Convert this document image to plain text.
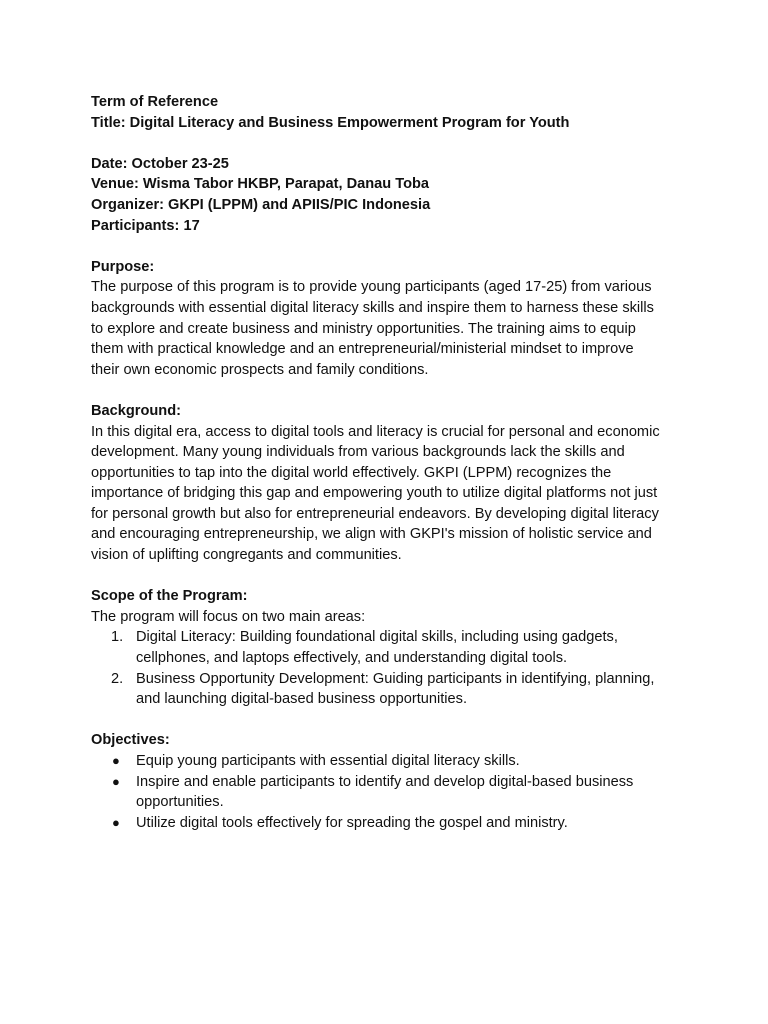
Term of Reference
Title: Digital Literacy and Business Empowerment Program for Youth
Date: October 23-25
Venue: Wisma Tabor HKBP, Parapat, Danau Toba
Organizer: GKPI (LPPM) and APIIS/PIC Indonesia
Participants: 17
Purpose:
The purpose of this program is to provide young participants (aged 17-25) from various
backgrounds with essential digital literacy skills and inspire them to harness these skills
to explore and create business and ministry opportunities. The training aims to equip
them with practical knowledge and an entrepreneurial/ministerial mindset to improve
their own economic prospects and family conditions.
Background:
In this digital era, access to digital tools and literacy is crucial for personal and economic
development. Many young individuals from various backgrounds lack the skills and
opportunities to tap into the digital world effectively. GKPI (LPPM) recognizes the
importance of bridging this gap and empowering youth to utilize digital platforms not just
for personal growth but also for entrepreneurial endeavors. By developing digital literacy
and encouraging entrepreneurship, we align with GKPI's mission of holistic service and
vision of uplifting congregants and communities.
Scope of the Program:
The program will focus on two main areas:
1. Digital Literacy: Building foundational digital skills, including using gadgets,
cellphones, and laptops effectively, and understanding digital tools.
2. Business Opportunity Development: Guiding participants in identifying, planning,
and launching digital-based business opportunities.
Objectives:
● Equip young participants with essential digital literacy skills.
● Inspire and enable participants to identify and develop digital-based business
opportunities.
● Utilize digital tools effectively for spreading the gospel and ministry.
